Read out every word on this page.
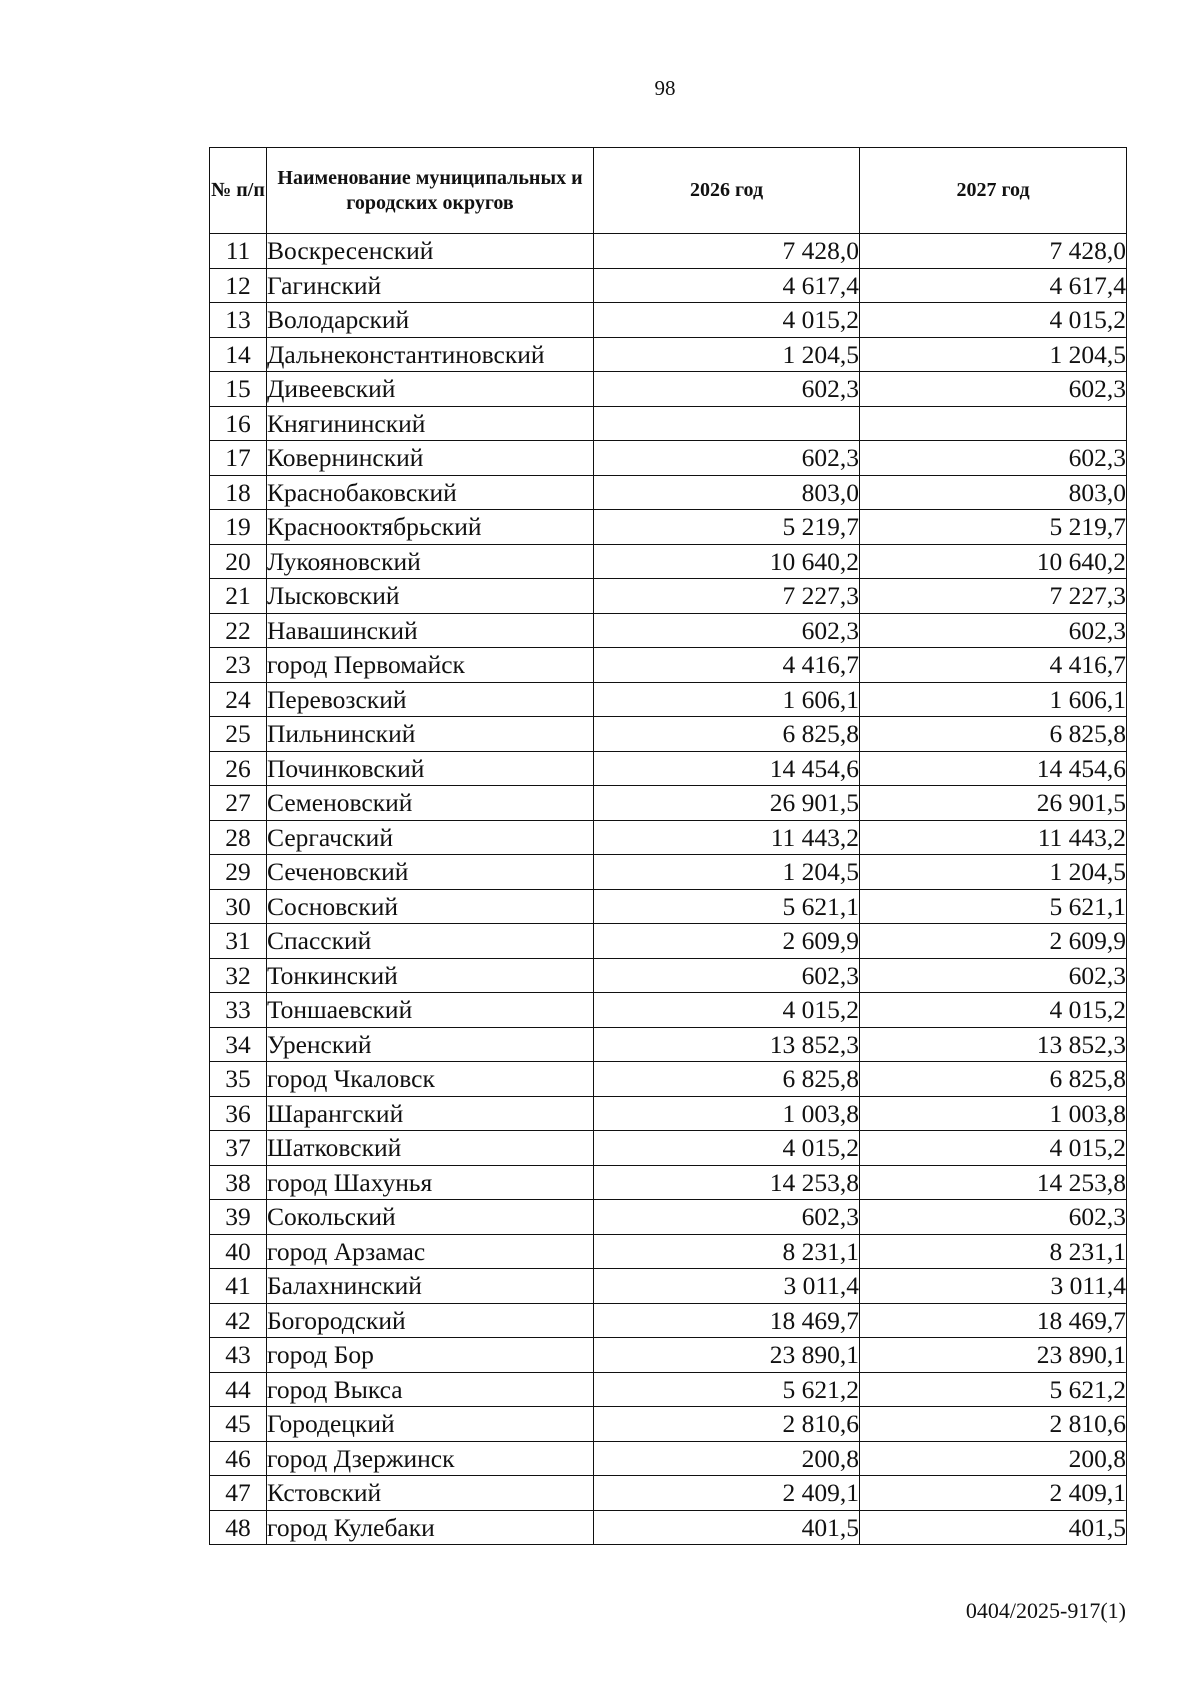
98
№ п/п	Наименование муниципальных и городских округов	2026 год	2027 год
11	Воскресенский	7 428,0	7 428,0
12	Гагинский	4 617,4	4 617,4
13	Володарский	4 015,2	4 015,2
14	Дальнеконстантиновский	1 204,5	1 204,5
15	Дивеевский	602,3	602,3
16	Княгининский		
17	Ковернинский	602,3	602,3
18	Краснобаковский	803,0	803,0
19	Краснооктябрьский	5 219,7	5 219,7
20	Лукояновский	10 640,2	10 640,2
21	Лысковский	7 227,3	7 227,3
22	Навашинский	602,3	602,3
23	город Первомайск	4 416,7	4 416,7
24	Перевозский	1 606,1	1 606,1
25	Пильнинский	6 825,8	6 825,8
26	Починковский	14 454,6	14 454,6
27	Семеновский	26 901,5	26 901,5
28	Сергачский	11 443,2	11 443,2
29	Сеченовский	1 204,5	1 204,5
30	Сосновский	5 621,1	5 621,1
31	Спасский	2 609,9	2 609,9
32	Тонкинский	602,3	602,3
33	Тоншаевский	4 015,2	4 015,2
34	Уренский	13 852,3	13 852,3
35	город Чкаловск	6 825,8	6 825,8
36	Шарангский	1 003,8	1 003,8
37	Шатковский	4 015,2	4 015,2
38	город Шахунья	14 253,8	14 253,8
39	Сокольский	602,3	602,3
40	город Арзамас	8 231,1	8 231,1
41	Балахнинский	3 011,4	3 011,4
42	Богородский	18 469,7	18 469,7
43	город Бор	23 890,1	23 890,1
44	город Выкса	5 621,2	5 621,2
45	Городецкий	2 810,6	2 810,6
46	город Дзержинск	200,8	200,8
47	Кстовский	2 409,1	2 409,1
48	город Кулебаки	401,5	401,5
0404/2025-917(1)
